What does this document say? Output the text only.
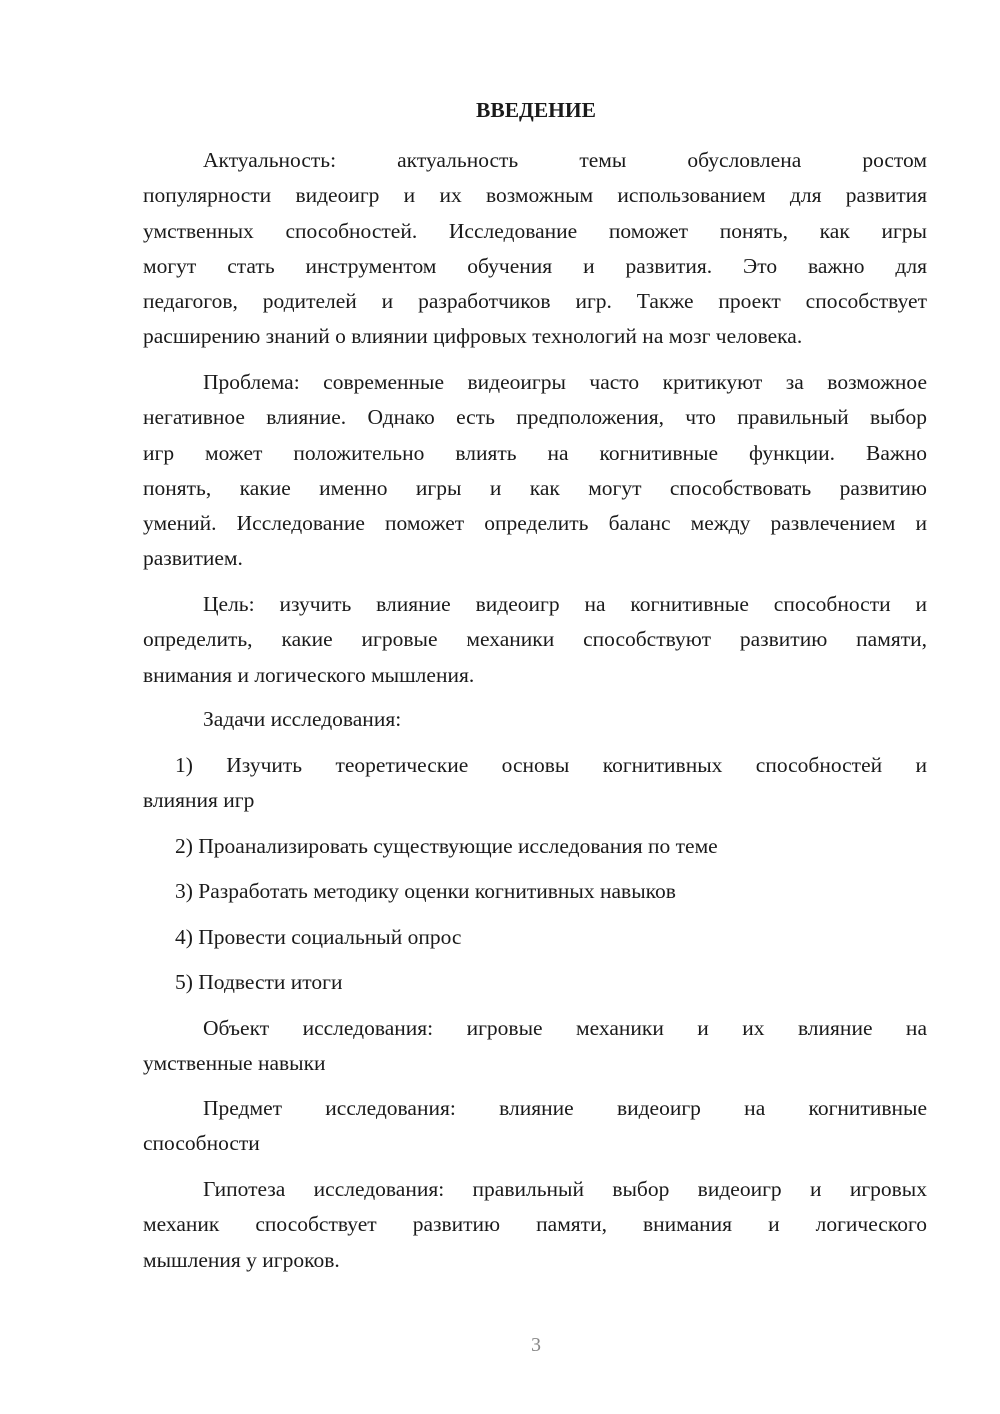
ВВЕДЕНИЕ
Актуальность: актуальность темы обусловлена ростом
популярности видеоигр и их возможным использованием для развития
умственных способностей. Исследование поможет понять, как игры
могут стать инструментом обучения и развития. Это важно для
педагогов, родителей и разработчиков игр. Также проект способствует
расширению знаний о влиянии цифровых технологий на мозг человека.
Проблема: современные видеоигры часто критикуют за возможное
негативное влияние. Однако есть предположения, что правильный выбор
игр может положительно влиять на когнитивные функции. Важно
понять, какие именно игры и как могут способствовать развитию
умений. Исследование поможет определить баланс между развлечением и
развитием.
Цель: изучить влияние видеоигр на когнитивные способности и
определить, какие игровые механики способствуют развитию памяти,
внимания и логического мышления.
Задачи исследования:
1) Изучить теоретические основы когнитивных способностей и
влияния игр
2) Проанализировать существующие исследования по теме
3) Разработать методику оценки когнитивных навыков
4) Провести социальный опрос
5) Подвести итоги
Объект исследования: игровые механики и их влияние на
умственные навыки
Предмет исследования: влияние видеоигр на когнитивные
способности
Гипотеза исследования: правильный выбор видеоигр и игровых
механик способствует развитию памяти, внимания и логического
мышления у игроков.
3
